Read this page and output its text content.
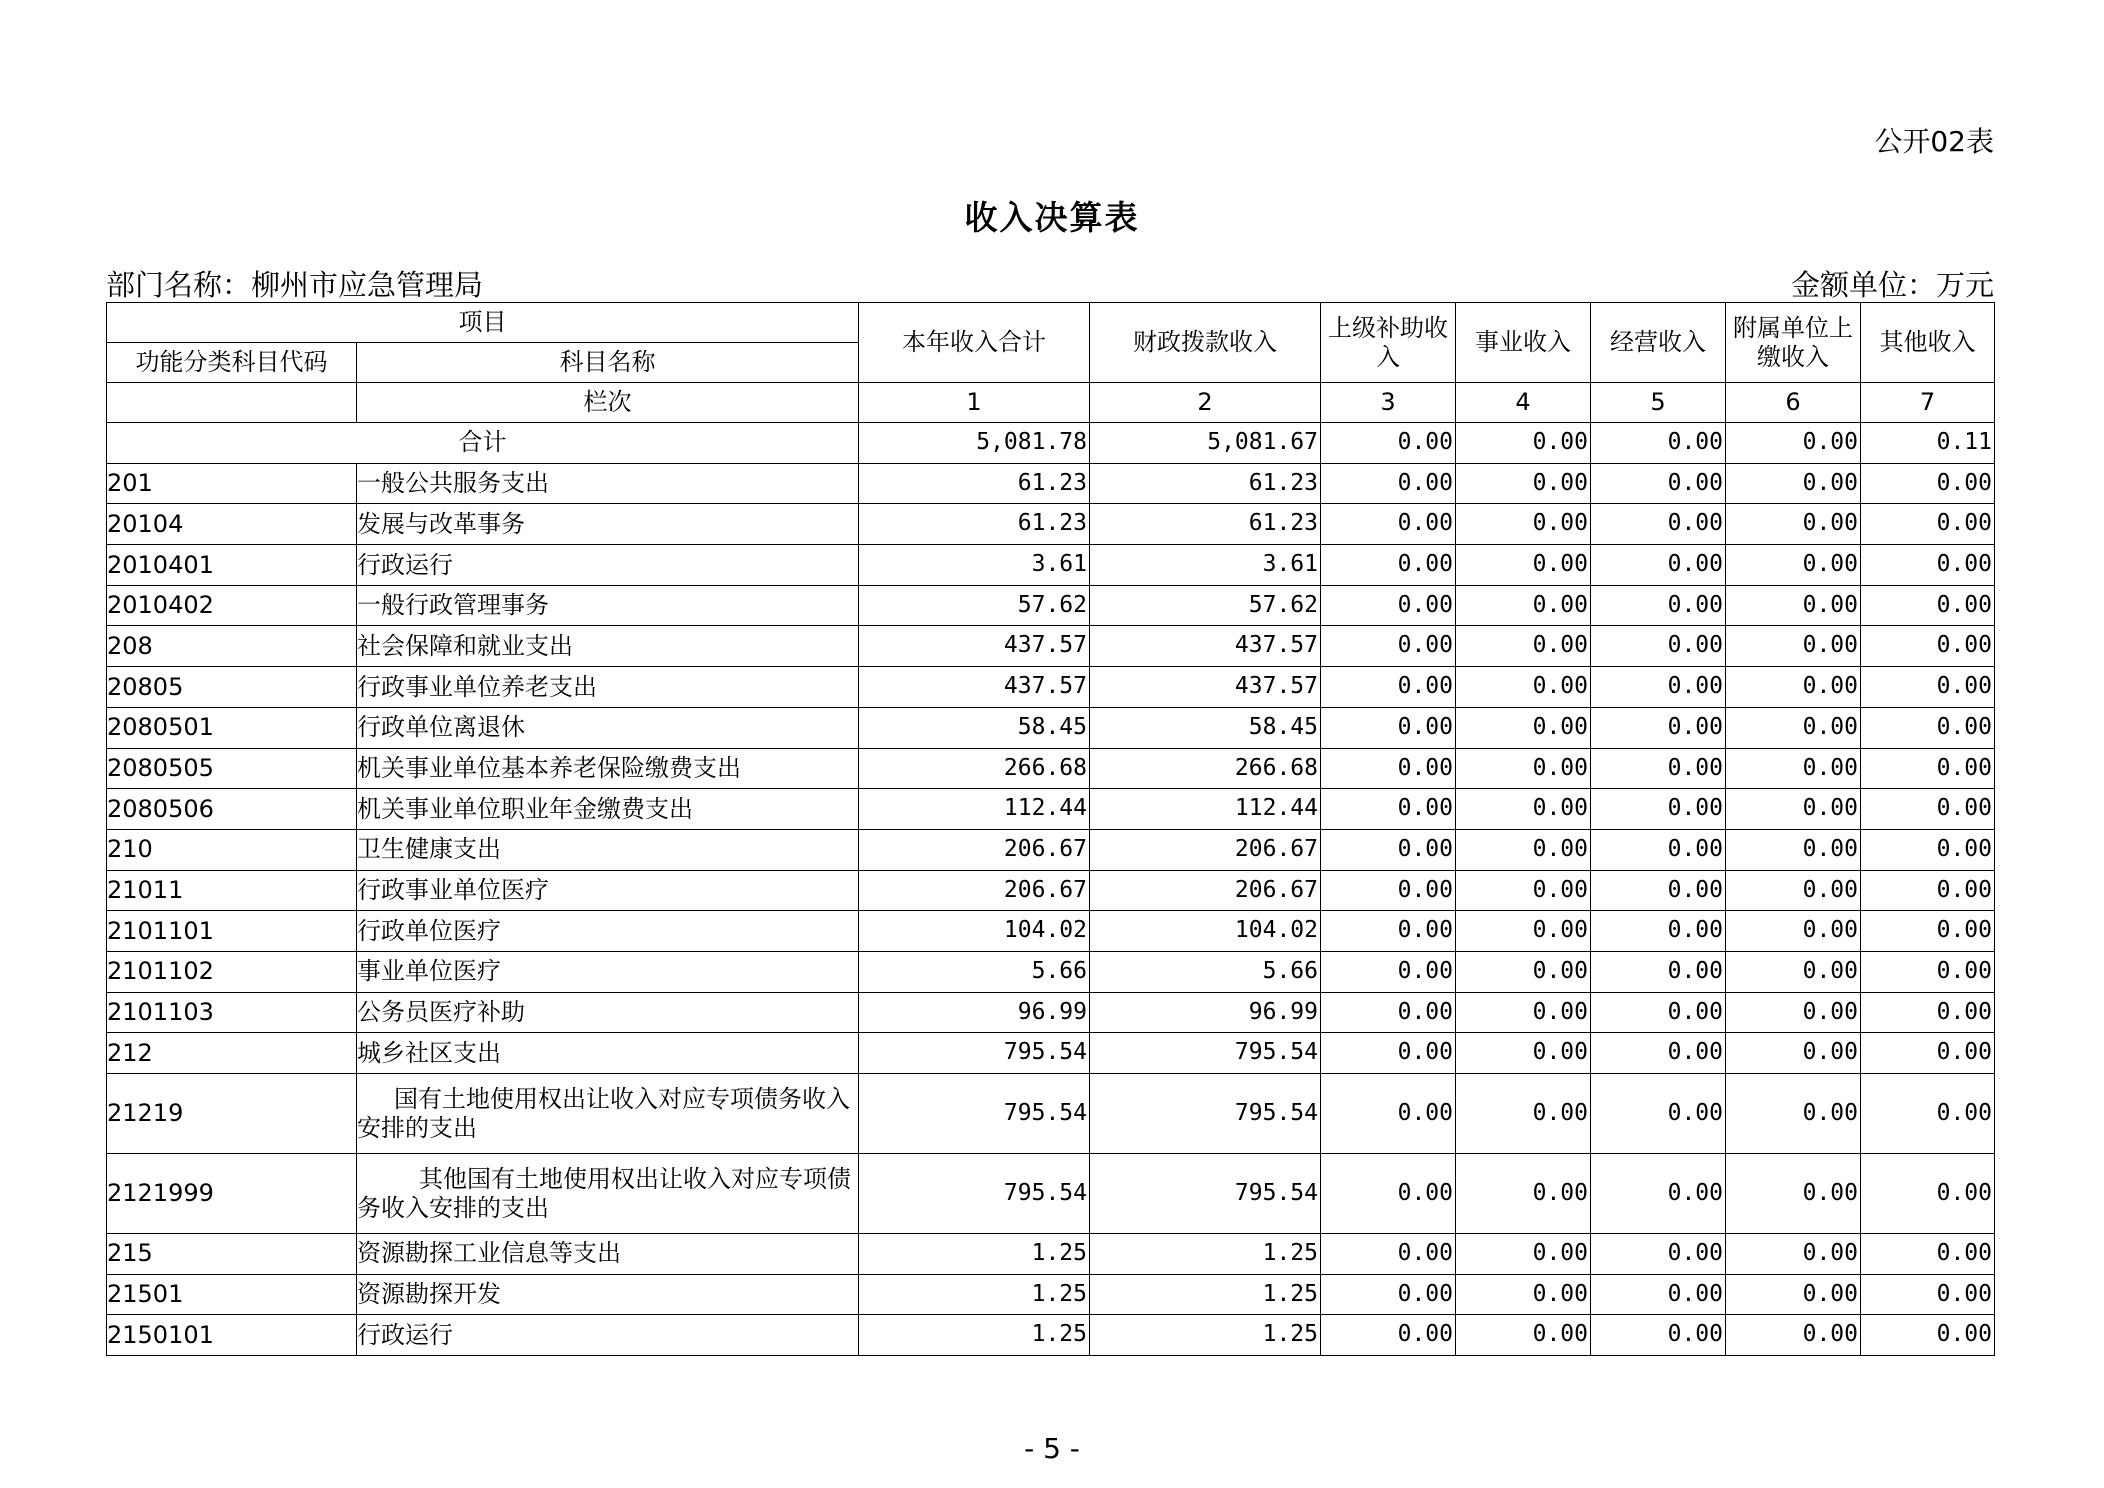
公开02表
收入决算表
部门名称：柳州市应急管理局	金额单位：万元
项目		本年收入合计	财政拨款收入	上级补助收入	事业收入	经营收入	附属单位上缴收入	其他收入
功能分类科目代码	科目名称							
	栏次	1	2	3	4	5	6	7
合计		5,081.78	5,081.67	0.00	0.00	0.00	0.00	0.11
201	一般公共服务支出	61.23	61.23	0.00	0.00	0.00	0.00	0.00
20104	发展与改革事务	61.23	61.23	0.00	0.00	0.00	0.00	0.00
2010401	行政运行	3.61	3.61	0.00	0.00	0.00	0.00	0.00
2010402	一般行政管理事务	57.62	57.62	0.00	0.00	0.00	0.00	0.00
208	社会保障和就业支出	437.57	437.57	0.00	0.00	0.00	0.00	0.00
20805	行政事业单位养老支出	437.57	437.57	0.00	0.00	0.00	0.00	0.00
2080501	行政单位离退休	58.45	58.45	0.00	0.00	0.00	0.00	0.00
2080505	机关事业单位基本养老保险缴费支出	266.68	266.68	0.00	0.00	0.00	0.00	0.00
2080506	机关事业单位职业年金缴费支出	112.44	112.44	0.00	0.00	0.00	0.00	0.00
210	卫生健康支出	206.67	206.67	0.00	0.00	0.00	0.00	0.00
21011	行政事业单位医疗	206.67	206.67	0.00	0.00	0.00	0.00	0.00
2101101	行政单位医疗	104.02	104.02	0.00	0.00	0.00	0.00	0.00
2101102	事业单位医疗	5.66	5.66	0.00	0.00	0.00	0.00	0.00
2101103	公务员医疗补助	96.99	96.99	0.00	0.00	0.00	0.00	0.00
212	城乡社区支出	795.54	795.54	0.00	0.00	0.00	0.00	0.00
21219	国有土地使用权出让收入对应专项债务收入安排的支出	795.54	795.54	0.00	0.00	0.00	0.00	0.00
2121999	其他国有土地使用权出让收入对应专项债务收入安排的支出	795.54	795.54	0.00	0.00	0.00	0.00	0.00
215	资源勘探工业信息等支出	1.25	1.25	0.00	0.00	0.00	0.00	0.00
21501	资源勘探开发	1.25	1.25	0.00	0.00	0.00	0.00	0.00
2150101	行政运行	1.25	1.25	0.00	0.00	0.00	0.00	0.00
- 5 -
